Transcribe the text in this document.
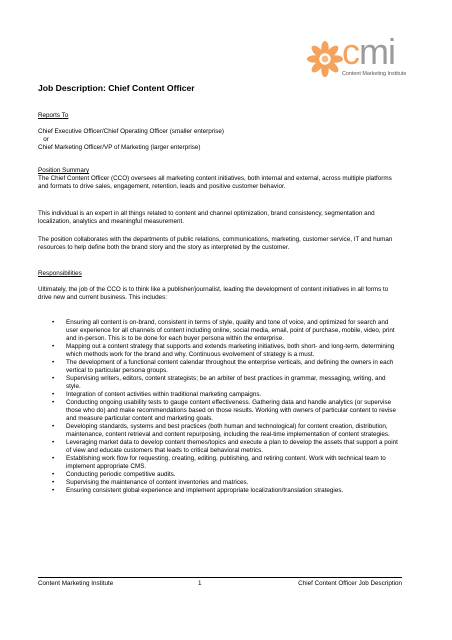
cmi
Content Marketing Institute
Job Description: Chief Content Officer
Reports To
Chief Executive Officer/Chief Operating Officer (smaller enterprise)
or
Chief Marketing Officer/VP of Marketing (larger enterprise)
Position Summary
The Chief Content Officer (CCO) oversees all marketing content initiatives, both internal and external, across multiple platforms and formats to drive sales, engagement, retention, leads and positive customer behavior.
This individual is an expert in all things related to content and channel optimization, brand consistency, segmentation and localization, analytics and meaningful measurement.
The position collaborates with the departments of public relations, communications, marketing, customer service, IT and human resources to help define both the brand story and the story as interpreted by the customer.
Responsibilities
Ultimately, the job of the CCO is to think like a publisher/journalist, leading the development of content initiatives in all forms to drive new and current business. This includes:
• Ensuring all content is on-brand, consistent in terms of style, quality and tone of voice, and optimized for search and user experience for all channels of content including online, social media, email, point of purchase, mobile, video, print and in-person. This is to be done for each buyer persona within the enterprise.
• Mapping out a content strategy that supports and extends marketing initiatives, both short- and long-term, determining which methods work for the brand and why. Continuous evolvement of strategy is a must.
• The development of a functional content calendar throughout the enterprise verticals, and defining the owners in each vertical to particular persona groups.
• Supervising writers, editors, content strategists; be an arbiter of best practices in grammar, messaging, writing, and style.
• Integration of content activities within traditional marketing campaigns.
• Conducting ongoing usability tests to gauge content effectiveness. Gathering data and handle analytics (or supervise those who do) and make recommendations based on those results. Working with owners of particular content to revise and measure particular content and marketing goals.
• Developing standards, systems and best practices (both human and technological) for content creation, distribution, maintenance, content retrieval and content repurposing, including the real-time implementation of content strategies.
• Leveraging market data to develop content themes/topics and execute a plan to develop the assets that support a point of view and educate customers that leads to critical behavioral metrics.
• Establishing work flow for requesting, creating, editing, publishing, and retiring content. Work with technical team to implement appropriate CMS.
• Conducting periodic competitive audits.
• Supervising the maintenance of content inventories and matrices.
• Ensuring consistent global experience and implement appropriate localization/translation strategies.
Content Marketing Institute	1	Chief Content Officer Job Description
